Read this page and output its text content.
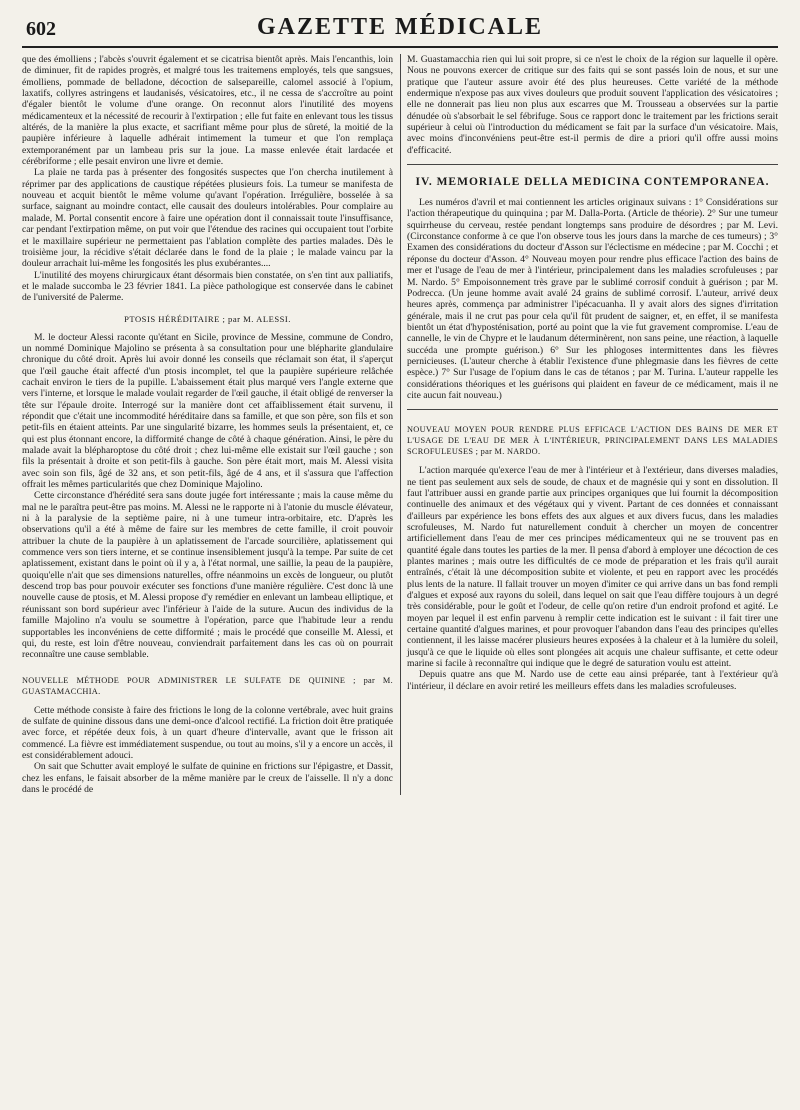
602	GAZETTE MÉDICALE

que des émolliens ; l'abcès s'ouvrit également et se cicatrisa bientôt après. Mais l'encanthis, loin de diminuer, fit de rapides progrès, et malgré tous les traitemens employés, tels que sangsues, émolliens, pommade de belladone, décoction de salsepareille, calomel associé à l'opium, laxatifs, collyres astringens et laudanisés, vésicatoires, etc., il ne cessa de s'accroître au point d'égaler bientôt le volume d'une orange. On reconnut alors l'inutilité des moyens médicamenteux et la nécessité de recourir à l'extirpation ; elle fut faite en enlevant tous les tissus altérés, de la manière la plus exacte, et sacrifiant même pour plus de sûreté, la moitié de la paupière inférieure à laquelle adhérait intimement la tumeur et que l'on remplaça extemporanément par un lambeau pris sur la joue. La masse enlevée était lardacée et cérébriforme ; elle pesait environ une livre et demie.

La plaie ne tarda pas à présenter des fongosités suspectes que l'on chercha inutilement à réprimer par des applications de caustique répétées plusieurs fois. La tumeur se manifesta de nouveau et acquit bientôt le même volume qu'avant l'opération. Irrégulière, bosselée à sa surface, saignant au moindre contact, elle causait des douleurs intolérables. Pour complaire au malade, M. Portal consentit encore à faire une opération dont il connaissait toute l'insuffisance, car pendant l'extirpation même, on put voir que l'étendue des racines qui occupaient tout l'orbite et le maxillaire supérieur ne permettaient pas l'ablation complète des parties malades. Dès le troisième jour, la récidive s'était déclarée dans le fond de la plaie ; le malade vaincu par la douleur arrachait lui-même les fongosités les plus exubérantes....

L'inutilité des moyens chirurgicaux étant désormais bien constatée, on s'en tint aux palliatifs, et le malade succomba le 23 février 1841. La pièce pathologique est conservée dans le cabinet de l'université de Palerme.

PTOSIS HÉRÉDITAIRE ; par M. ALESSI.

M. le docteur Alessi raconte qu'étant en Sicile, province de Messine, commune de Condro, un nommé Dominique Majolino se présenta à sa consultation pour une blépharite glandulaire chronique du côté droit. Après lui avoir donné les conseils que réclamait son état, il s'aperçut que l'œil gauche était affecté d'un ptosis incomplet, tel que la paupière supérieure relâchée cachait environ le tiers de la pupille. L'abaissement était plus marqué vers l'angle externe que vers l'interne, et lorsque le malade voulait regarder de l'œil gauche, il était obligé de renverser la tête sur l'épaule droite. Interrogé sur la manière dont cet affaiblissement était survenu, il répondit que c'était une incommodité héréditaire dans sa famille, et que son père, son fils et son petit-fils en étaient atteints. Par une singularité bizarre, les hommes seuls la présentaient, et, ce qui est plus étonnant encore, la difformité change de côté à chaque génération. Ainsi, le père du malade avait la blépharoptose du côté droit ; chez lui-même elle existait sur l'œil gauche ; son fils la présentait à droite et son petit-fils à gauche. Son père était mort, mais M. Alessi visita avec soin son fils, âgé de 32 ans, et son petit-fils, âgé de 4 ans, et il s'assura que l'affection offrait les mêmes particularités que chez Dominique Majolino.

Cette circonstance d'hérédité sera sans doute jugée fort intéressante ; mais la cause même du mal ne le paraîtra peut-être pas moins. M. Alessi ne le rapporte ni à l'atonie du muscle élévateur, ni à la paralysie de la septième paire, ni à une tumeur intra-orbitaire, etc. D'après les observations qu'il a été à même de faire sur les membres de cette famille, il croit pouvoir attribuer la chute de la paupière à un aplatissement de l'arcade sourcilière, aplatissement qui commence vers son tiers interne, et se continue insensiblement jusqu'à la tempe. Par suite de cet aplatissement, existant dans le point où il y a, à l'état normal, une saillie, la peau de la paupière, quoiqu'elle n'ait que ses dimensions naturelles, offre néanmoins un excès de longueur, ou plutôt descend trop bas pour pouvoir exécuter ses fonctions d'une manière régulière. C'est donc là une nouvelle cause de ptosis, et M. Alessi propose d'y remédier en enlevant un lambeau elliptique, et réunissant son bord supérieur avec l'inférieur à l'aide de la suture. Aucun des individus de la famille Majolino n'a voulu se soumettre à l'opération, parce que l'habitude leur a rendu supportables les inconvéniens de cette difformité ; mais le procédé que conseille M. Alessi, et qui, du reste, est loin d'être nouveau, conviendrait parfaitement dans les cas où on pourrait reconnaître une cause semblable.

NOUVELLE MÉTHODE POUR ADMINISTRER LE SULFATE DE QUININE ; par M. GUASTAMACCHIA.

Cette méthode consiste à faire des frictions le long de la colonne vertébrale, avec huit grains de sulfate de quinine dissous dans une demi-once d'alcool rectifié. La friction doit être pratiquée avec force, et répétée deux fois, à un quart d'heure d'intervalle, avant que le frisson ait commencé. La fièvre est immédiatement suspendue, ou tout au moins, s'il y a encore un accès, il est considérablement adouci.

On sait que Schutter avait employé le sulfate de quinine en frictions sur l'épigastre, et Dassit, chez les enfans, le faisait absorber de la même manière par le creux de l'aisselle. Il n'y a donc dans le procédé de

M. Guastamacchia rien qui lui soit propre, si ce n'est le choix de la région sur laquelle il opère. Nous ne pouvons exercer de critique sur des faits qui se sont passés loin de nous, et sur une pratique que l'auteur assure avoir été des plus heureuses. Cette variété de la méthode endermique n'expose pas aux vives douleurs que produit souvent l'application des vésicatoires ; elle ne donnerait pas lieu non plus aux escarres que M. Trousseau a observées sur la partie dénudée où s'absorbait le sel fébrifuge. Sous ce rapport donc le traitement par les frictions serait supérieur à celui où l'introduction du médicament se fait par la surface d'un vésicatoire. Mais, avec moins d'inconvéniens peut-être est-il permis de dire a priori qu'il offre aussi moins d'efficacité.

IV. MEMORIALE DELLA MEDICINA CONTEMPORANEA.

Les numéros d'avril et mai contiennent les articles originaux suivans : 1° Considérations sur l'action thérapeutique du quinquina ; par M. Dalla-Porta. (Article de théorie). 2° Sur une tumeur squirrheuse du cerveau, restée pendant longtemps sans produire de désordres ; par M. Levi. (Circonstance conforme à ce que l'on observe tous les jours dans la marche de ces tumeurs) ; 3° Examen des considérations du docteur d'Asson sur l'éclectisme en médecine ; par M. Cocchi ; et réponse du docteur d'Asson. 4° Nouveau moyen pour rendre plus efficace l'action des bains de mer et l'usage de l'eau de mer à l'intérieur, principalement dans les maladies scrofuleuses ; par M. Nardo. 5° Empoisonnement très grave par le sublimé corrosif conduit à guérison ; par M. Podrecca. (Un jeune homme avait avalé 24 grains de sublimé corrosif. L'auteur, arrivé deux heures après, commença par administrer l'ipécacuanha. Il y avait alors des signes d'irritation générale, mais il ne crut pas pour cela qu'il fût prudent de saigner, et, en effet, il se manifesta bientôt un état d'hyposténisation, porté au point que la vie fut gravement compromise. L'eau de cannelle, le vin de Chypre et le laudanum déterminèrent, non sans peine, une réaction, à laquelle succéda une prompte guérison.) 6° Sur les phlogoses intermittentes dans les fièvres pernicieuses. (L'auteur cherche à établir l'existence d'une phlegmasie dans les fièvres de cette espèce.) 7° Sur l'usage de l'opium dans le cas de tétanos ; par M. Turina. L'auteur rappelle les considérations théoriques et les guérisons qui plaident en faveur de ce médicament, mais il ne cite aucun fait nouveau.)

NOUVEAU MOYEN POUR RENDRE PLUS EFFICACE L'ACTION DES BAINS DE MER ET L'USAGE DE L'EAU DE MER À L'INTÉRIEUR, PRINCIPALEMENT DANS LES MALADIES SCROFULEUSES ; par M. NARDO.

L'action marquée qu'exerce l'eau de mer à l'intérieur et à l'extérieur, dans diverses maladies, ne tient pas seulement aux sels de soude, de chaux et de magnésie qui y sont en dissolution. Il faut l'attribuer aussi en grande partie aux principes organiques que lui fournit la décomposition continuelle des animaux et des végétaux qui y vivent. Partant de ces données et connaissant d'ailleurs par expérience les bons effets des aux algues et aux divers fucus, dans les maladies scrofuleuses, M. Nardo fut naturellement conduit à chercher un moyen de concentrer artificiellement dans l'eau de mer ces principes médicamenteux qui ne se trouvent pas en quantité égale dans toutes les parties de la mer. Il pensa d'abord à employer une décoction de ces plantes marines ; mais outre les difficultés de ce mode de préparation et les frais qu'il aurait entraînés, c'était là une décomposition subite et violente, et peu en rapport avec les procédés plus lents de la nature. Il fallait trouver un moyen d'imiter ce qui arrive dans un bas fond rempli d'algues et exposé aux rayons du soleil, dans lequel on sait que l'eau diffère toujours à un degré très considérable, pour le goût et l'odeur, de celle qu'on retire d'un endroit profond et agité. Le moyen par lequel il est enfin parvenu à remplir cette indication est le suivant : il fait tirer une certaine quantité d'algues marines, et pour provoquer l'abandon dans l'eau des principes qu'elles contiennent, il les laisse macérer plusieurs heures exposées à la chaleur et à la lumière du soleil, jusqu'à ce que le liquide où elles sont plongées ait acquis une chaleur suffisante, et cette odeur marine si facile à reconnaître qui indique que le degré de saturation voulu est atteint.

Depuis quatre ans que M. Nardo use de cette eau ainsi préparée, tant à l'extérieur qu'à l'intérieur, il déclare en avoir retiré les meilleurs effets dans les maladies scrofuleuses.
